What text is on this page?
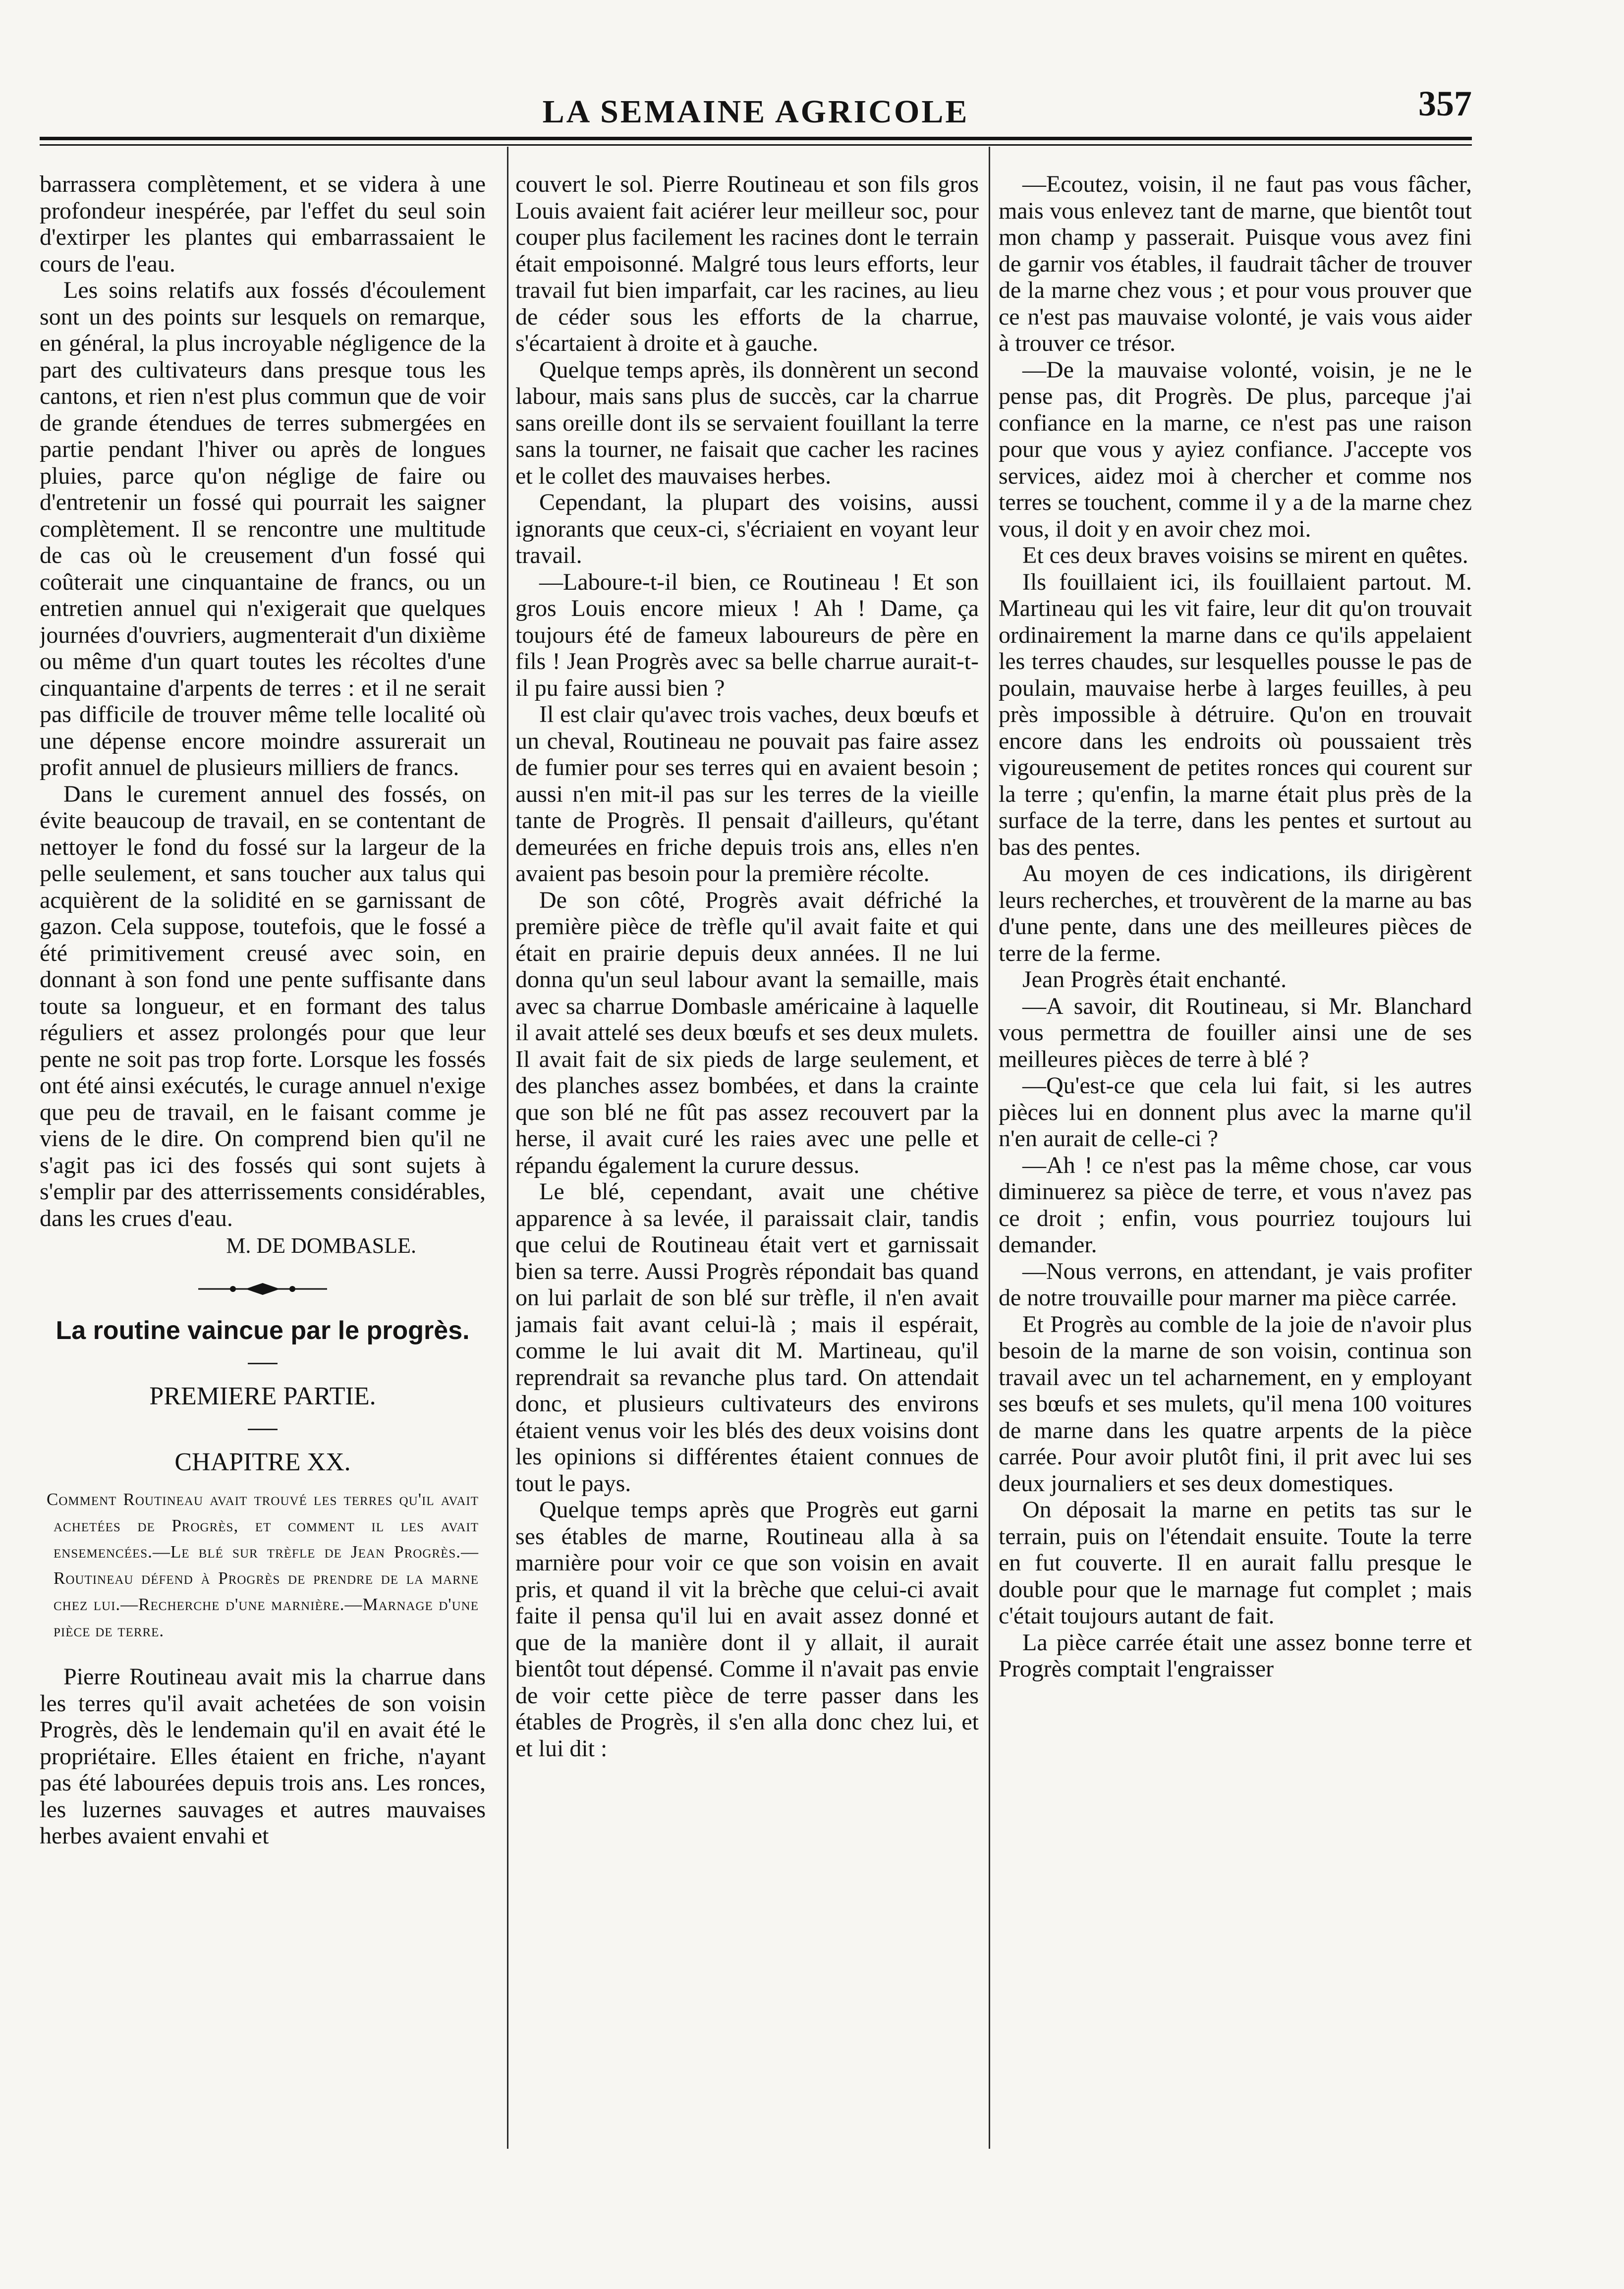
LA SEMAINE AGRICOLE	357

barrassera complètement, et se videra à une profondeur inespérée, par l'effet du seul soin d'extirper les plantes qui embarrassaient le cours de l'eau.

Les soins relatifs aux fossés d'écoulement sont un des points sur lesquels on remarque, en général, la plus incroyable négligence de la part des cultivateurs dans presque tous les cantons, et rien n'est plus commun que de voir de grande étendues de terres submergées en partie pendant l'hiver ou après de longues pluies, parce qu'on néglige de faire ou d'entretenir un fossé qui pourrait les saigner complètement. Il se rencontre une multitude de cas où le creusement d'un fossé qui coûterait une cinquantaine de francs, ou un entretien annuel qui n'exigerait que quelques journées d'ouvriers, augmenterait d'un dixième ou même d'un quart toutes les récoltes d'une cinquantaine d'arpents de terres : et il ne serait pas difficile de trouver même telle localité où une dépense encore moindre assurerait un profit annuel de plusieurs milliers de francs.

Dans le curement annuel des fossés, on évite beaucoup de travail, en se contentant de nettoyer le fond du fossé sur la largeur de la pelle seulement, et sans toucher aux talus qui acquièrent de la solidité en se garnissant de gazon. Cela suppose, toutefois, que le fossé a été primitivement creusé avec soin, en donnant à son fond une pente suffisante dans toute sa longueur, et en formant des talus réguliers et assez prolongés pour que leur pente ne soit pas trop forte. Lorsque les fossés ont été ainsi exécutés, le curage annuel n'exige que peu de travail, en le faisant comme je viens de le dire. On comprend bien qu'il ne s'agit pas ici des fossés qui sont sujets à s'emplir par des atterrissements considérables, dans les crues d'eau.

M. DE DOMBASLE.

La routine vaincue par le progrès.

PREMIERE PARTIE.

CHAPITRE XX.

Comment Routineau avait trouvé les terres qu'il avait achetées de Progrès, et comment il les avait ensemencées.—Le blé sur trèfle de Jean Progrès.—Routineau défend à Progrès de prendre de la marne chez lui.—Recherche d'une marnière.—Marnage d'une pièce de terre.

Pierre Routineau avait mis la charrue dans les terres qu'il avait achetées de son voisin Progrès, dès le lendemain qu'il en avait été le propriétaire. Elles étaient en friche, n'ayant pas été labourées depuis trois ans. Les ronces, les luzernes sauvages et autres mauvaises herbes avaient envahi et

couvert le sol. Pierre Routineau et son fils gros Louis avaient fait aciérer leur meilleur soc, pour couper plus facilement les racines dont le terrain était empoisonné. Malgré tous leurs efforts, leur travail fut bien imparfait, car les racines, au lieu de céder sous les efforts de la charrue, s'écartaient à droite et à gauche.

Quelque temps après, ils donnèrent un second labour, mais sans plus de succès, car la charrue sans oreille dont ils se servaient fouillant la terre sans la tourner, ne faisait que cacher les racines et le collet des mauvaises herbes.

Cependant, la plupart des voisins, aussi ignorants que ceux-ci, s'écriaient en voyant leur travail.

—Laboure-t-il bien, ce Routineau ! Et son gros Louis encore mieux ! Ah ! Dame, ça toujours été de fameux laboureurs de père en fils ! Jean Progrès avec sa belle charrue aurait-t-il pu faire aussi bien ?

Il est clair qu'avec trois vaches, deux bœufs et un cheval, Routineau ne pouvait pas faire assez de fumier pour ses terres qui en avaient besoin ; aussi n'en mit-il pas sur les terres de la vieille tante de Progrès. Il pensait d'ailleurs, qu'étant demeurées en friche depuis trois ans, elles n'en avaient pas besoin pour la première récolte.

De son côté, Progrès avait défriché la première pièce de trèfle qu'il avait faite et qui était en prairie depuis deux années. Il ne lui donna qu'un seul labour avant la semaille, mais avec sa charrue Dombasle américaine à laquelle il avait attelé ses deux bœufs et ses deux mulets. Il avait fait de six pieds de large seulement, et des planches assez bombées, et dans la crainte que son blé ne fût pas assez recouvert par la herse, il avait curé les raies avec une pelle et répandu également la curure dessus.

Le blé, cependant, avait une chétive apparence à sa levée, il paraissait clair, tandis que celui de Routineau était vert et garnissait bien sa terre. Aussi Progrès répondait bas quand on lui parlait de son blé sur trèfle, il n'en avait jamais fait avant celui-là ; mais il espérait, comme le lui avait dit M. Martineau, qu'il reprendrait sa revanche plus tard. On attendait donc, et plusieurs cultivateurs des environs étaient venus voir les blés des deux voisins dont les opinions si différentes étaient connues de tout le pays.

Quelque temps après que Progrès eut garni ses étables de marne, Routineau alla à sa marnière pour voir ce que son voisin en avait pris, et quand il vit la brèche que celui-ci avait faite il pensa qu'il lui en avait assez donné et que de la manière dont il y allait, il aurait bientôt tout dépensé. Comme il n'avait pas envie de voir cette pièce de terre passer dans les étables de Progrès, il s'en alla donc chez lui, et et lui dit :

—Ecoutez, voisin, il ne faut pas vous fâcher, mais vous enlevez tant de marne, que bientôt tout mon champ y passerait. Puisque vous avez fini de garnir vos étables, il faudrait tâcher de trouver de la marne chez vous ; et pour vous prouver que ce n'est pas mauvaise volonté, je vais vous aider à trouver ce trésor.

—De la mauvaise volonté, voisin, je ne le pense pas, dit Progrès. De plus, parceque j'ai confiance en la marne, ce n'est pas une raison pour que vous y ayiez confiance. J'accepte vos services, aidez moi à chercher et comme nos terres se touchent, comme il y a de la marne chez vous, il doit y en avoir chez moi.

Et ces deux braves voisins se mirent en quêtes.

Ils fouillaient ici, ils fouillaient partout. M. Martineau qui les vit faire, leur dit qu'on trouvait ordinairement la marne dans ce qu'ils appelaient les terres chaudes, sur lesquelles pousse le pas de poulain, mauvaise herbe à larges feuilles, à peu près impossible à détruire. Qu'on en trouvait encore dans les endroits où poussaient très vigoureusement de petites ronces qui courent sur la terre ; qu'enfin, la marne était plus près de la surface de la terre, dans les pentes et surtout au bas des pentes.

Au moyen de ces indications, ils dirigèrent leurs recherches, et trouvèrent de la marne au bas d'une pente, dans une des meilleures pièces de terre de la ferme.

Jean Progrès était enchanté.

—A savoir, dit Routineau, si Mr. Blanchard vous permettra de fouiller ainsi une de ses meilleures pièces de terre à blé ?

—Qu'est-ce que cela lui fait, si les autres pièces lui en donnent plus avec la marne qu'il n'en aurait de celle-ci ?

—Ah ! ce n'est pas la même chose, car vous diminuerez sa pièce de terre, et vous n'avez pas ce droit ; enfin, vous pourriez toujours lui demander.

—Nous verrons, en attendant, je vais profiter de notre trouvaille pour marner ma pièce carrée.

Et Progrès au comble de la joie de n'avoir plus besoin de la marne de son voisin, continua son travail avec un tel acharnement, en y employant ses bœufs et ses mulets, qu'il mena 100 voitures de marne dans les quatre arpents de la pièce carrée. Pour avoir plutôt fini, il prit avec lui ses deux journaliers et ses deux domestiques.

On déposait la marne en petits tas sur le terrain, puis on l'étendait ensuite. Toute la terre en fut couverte. Il en aurait fallu presque le double pour que le marnage fut complet ; mais c'était toujours autant de fait.

La pièce carrée était une assez bonne terre et Progrès comptait l'engraisser
